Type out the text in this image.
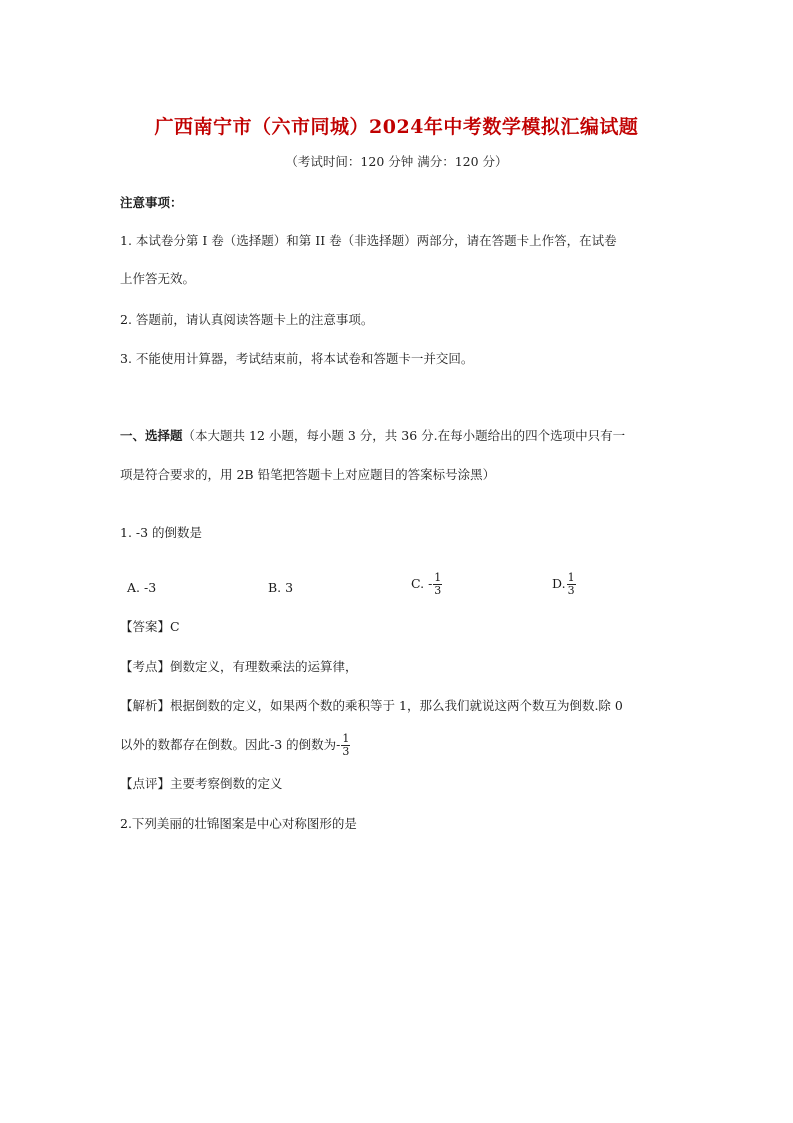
广西南宁市（六市同城）2024年中考数学模拟汇编试题
（考试时间：120 分钟 满分：120 分）
注意事项：
1. 本试卷分第 I 卷（选择题）和第 II 卷（非选择题）两部分，请在答题卡上作答，在试卷
上作答无效。
2. 答题前，请认真阅读答题卡上的注意事项。
3. 不能使用计算器，考试结束前，将本试卷和答题卡一并交回。
一、选择题（本大题共 12 小题，每小题 3 分，共 36 分.在每小题给出的四个选项中只有一
项是符合要求的，用 2B 铅笔把答题卡上对应题目的答案标号涂黑）
1. -3 的倒数是
A. -3	B. 3	C. - $\frac{1}{3}$	D. $\frac{1}{3}$
【答案】C
【考点】倒数定义，有理数乘法的运算律，
【解析】根据倒数的定义，如果两个数的乘积等于 1，那么我们就说这两个数互为倒数.除 0
以外的数都存在倒数。因此-3 的倒数为- $\frac{1}{3}$
【点评】主要考察倒数的定义
2.下列美丽的壮锦图案是中心对称图形的是
